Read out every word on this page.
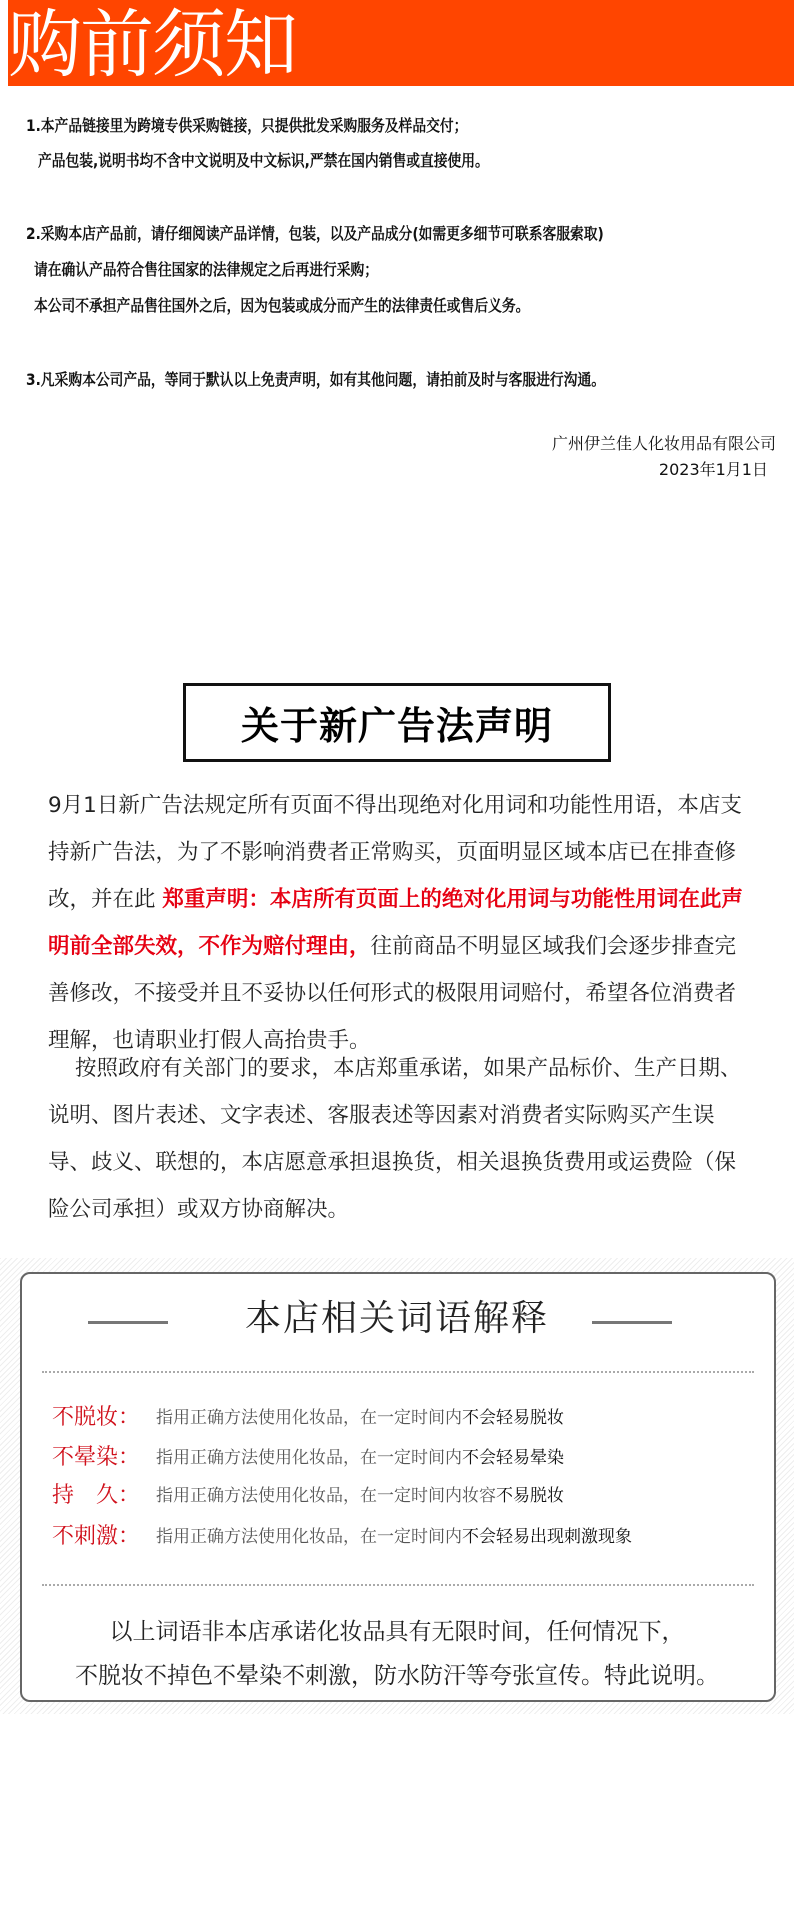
购前须知
1.本产品链接里为跨境专供采购链接，只提供批发采购服务及样品交付；
产品包装,说明书均不含中文说明及中文标识,严禁在国内销售或直接使用。
2.采购本店产品前，请仔细阅读产品详情，包装，以及产品成分(如需更多细节可联系客服索取)
请在确认产品符合售往国家的法律规定之后再进行采购；
本公司不承担产品售往国外之后，因为包装或成分而产生的法律责任或售后义务。
3.凡采购本公司产品，等同于默认以上免责声明，如有其他问题，请拍前及时与客服进行沟通。
广州伊兰佳人化妆用品有限公司
2023年1月1日
关于新广告法声明
9月1日新广告法规定所有页面不得出现绝对化用词和功能性用语，本店支持新广告法，为了不影响消费者正常购买，页面明显区域本店已在排查修改，并在此 郑重声明：本店所有页面上的绝对化用词与功能性用词在此声明前全部失效，不作为赔付理由，往前商品不明显区域我们会逐步排查完善修改，不接受并且不妥协以任何形式的极限用词赔付，希望各位消费者理解，也请职业打假人高抬贵手。
按照政府有关部门的要求，本店郑重承诺，如果产品标价、生产日期、说明、图片表述、文字表述、客服表述等因素对消费者实际购买产生误导、歧义、联想的，本店愿意承担退换货，相关退换货费用或运费险（保险公司承担）或双方协商解决。
本店相关词语解释
不脱妆： 指用正确方法使用化妆品，在一定时间内不会轻易脱妆
不晕染： 指用正确方法使用化妆品，在一定时间内不会轻易晕染
持　久： 指用正确方法使用化妆品，在一定时间内妆容不易脱妆
不刺激： 指用正确方法使用化妆品，在一定时间内不会轻易出现刺激现象
以上词语非本店承诺化妆品具有无限时间，任何情况下，
不脱妆不掉色不晕染不刺激，防水防汗等夸张宣传。特此说明。
